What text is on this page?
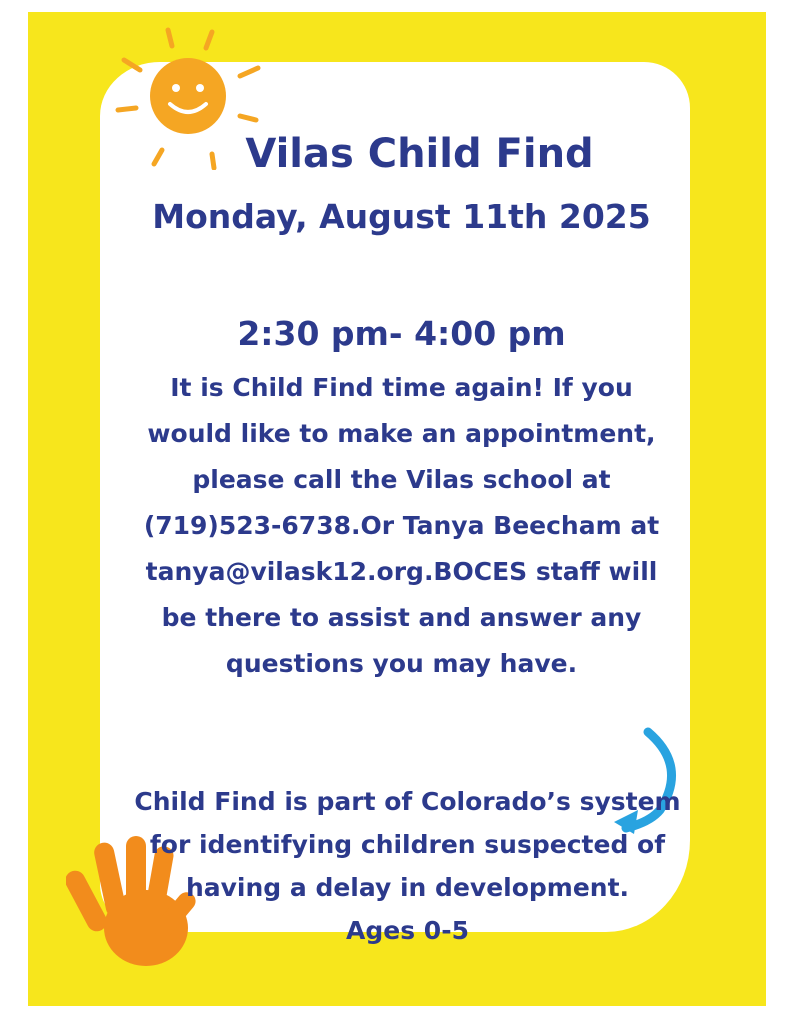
Vilas Child Find
Monday, August 11th 2025
2:30 pm- 4:00 pm

It is Child Find time again! If you

would like to make an appointment,

please call the Vilas school at

(719)523-6738.Or Tanya Beecham at

tanya@vilask12.org.BOCES staff will

be there to assist and answer any

questions you may have.

Child Find is part of Colorado’s system

for identifying children suspected of

having a delay in development.

Ages 0-5
